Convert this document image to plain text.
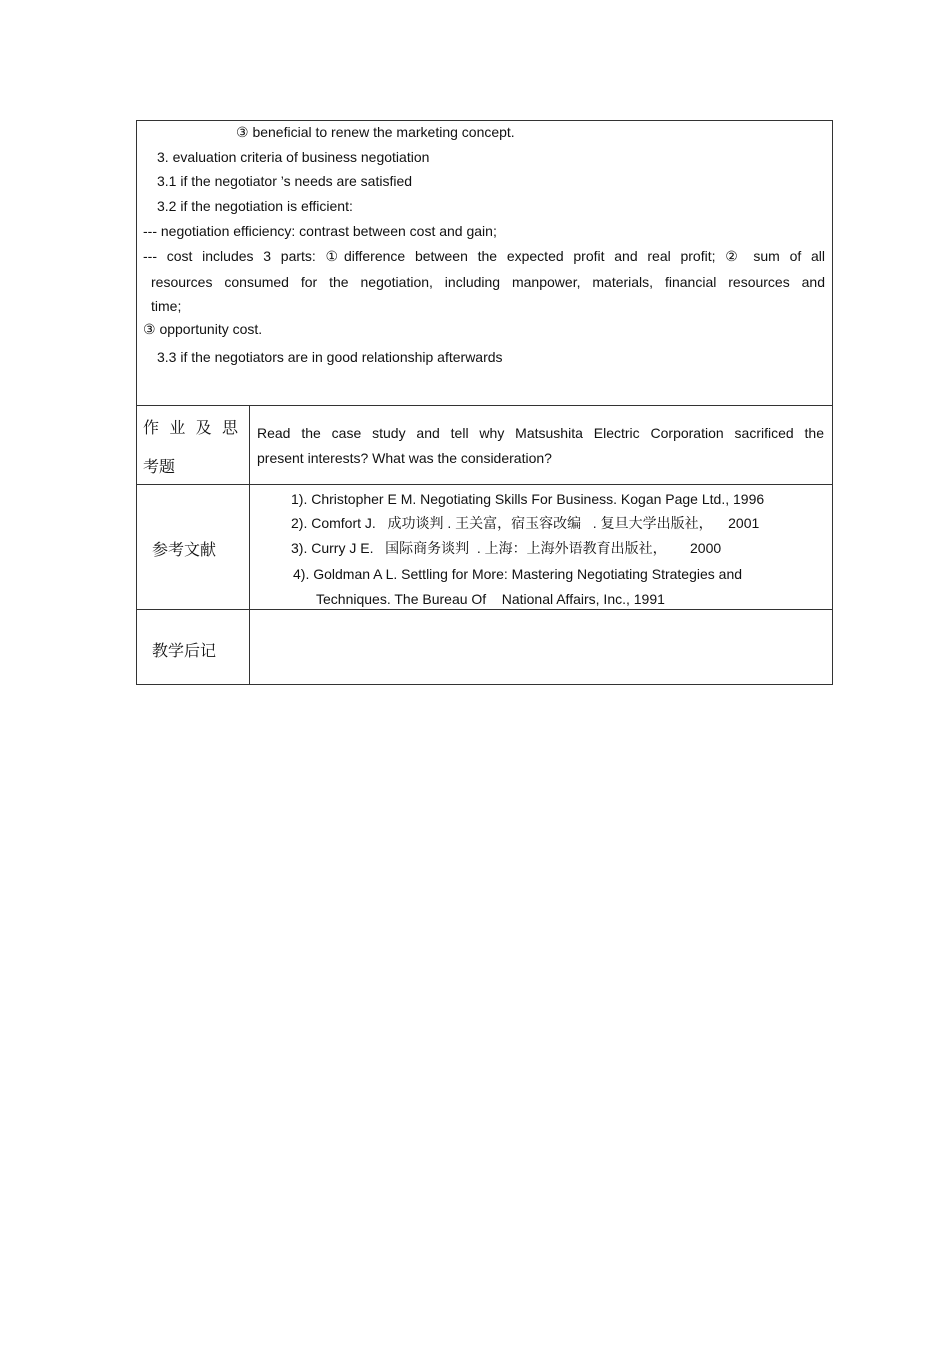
③ beneficial to renew the marketing concept.
3. evaluation criteria of business negotiation
3.1 if the negotiator ’s needs are satisfied
3.2 if the negotiation is efficient:
--- negotiation efficiency: contrast between cost and gain;
--- cost includes 3 parts: ①difference between the expected profit and real profit; ② sum of all
resources consumed for the negotiation, including manpower, materials, financial resources and
time;
③ opportunity cost.
3.3 if the negotiators are in good relationship afterwards
作 业 及 思
考题
Read the case study and tell why Matsushita Electric Corporation sacrificed the
present interests? What was the consideration?
参考文献
1). Christopher E M. Negotiating Skills For Business. Kogan Page Ltd., 1996
2). Comfort J.   成功谈判 . 王关富，宿玉容改编   . 复旦大学出版社，    2001
3). Curry J E.   国际商务谈判  . 上海：上海外语教育出版社，      2000
4). Goldman A L. Settling for More: Mastering Negotiating Strategies and
Techniques. The Bureau Of    National Affairs, Inc., 1991
教学后记
